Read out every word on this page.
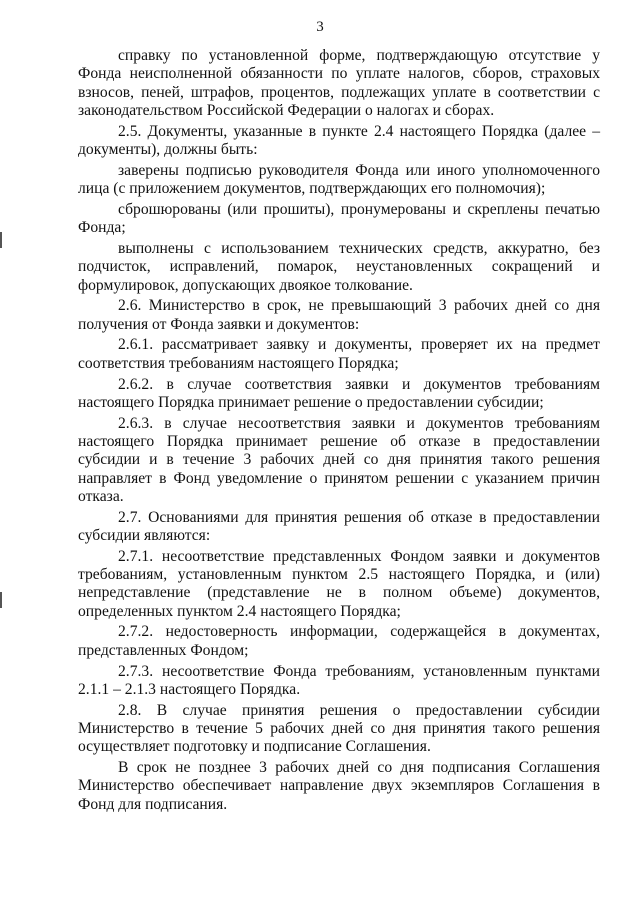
3

справку по установленной форме, подтверждающую отсутствие у Фонда неисполненной обязанности по уплате налогов, сборов, страховых взносов, пеней, штрафов, процентов, подлежащих уплате в соответствии с законодательством Российской Федерации о налогах и сборах.

2.5. Документы, указанные в пункте 2.4 настоящего Порядка (далее – документы), должны быть:

заверены подписью руководителя Фонда или иного уполномоченного лица (с приложением документов, подтверждающих его полномочия);

сброшюрованы (или прошиты), пронумерованы и скреплены печатью Фонда;

выполнены с использованием технических средств, аккуратно, без подчисток, исправлений, помарок, неустановленных сокращений и формулировок, допускающих двоякое толкование.

2.6. Министерство в срок, не превышающий 3 рабочих дней со дня получения от Фонда заявки и документов:

2.6.1. рассматривает заявку и документы, проверяет их на предмет соответствия требованиям настоящего Порядка;

2.6.2. в случае соответствия заявки и документов требованиям настоящего Порядка принимает решение о предоставлении субсидии;

2.6.3. в случае несоответствия заявки и документов требованиям настоящего Порядка принимает решение об отказе в предоставлении субсидии и в течение 3 рабочих дней со дня принятия такого решения направляет в Фонд уведомление о принятом решении с указанием причин отказа.

2.7. Основаниями для принятия решения об отказе в предоставлении субсидии являются:

2.7.1. несоответствие представленных Фондом заявки и документов требованиям, установленным пунктом 2.5 настоящего Порядка, и (или) непредставление (представление не в полном объеме) документов, определенных пунктом 2.4 настоящего Порядка;

2.7.2. недостоверность информации, содержащейся в документах, представленных Фондом;

2.7.3. несоответствие Фонда требованиям, установленным пунктами 2.1.1 – 2.1.3 настоящего Порядка.

2.8. В случае принятия решения о предоставлении субсидии Министерство в течение 5 рабочих дней со дня принятия такого решения осуществляет подготовку и подписание Соглашения.

В срок не позднее 3 рабочих дней со дня подписания Соглашения Министерство обеспечивает направление двух экземпляров Соглашения в Фонд для подписания.
